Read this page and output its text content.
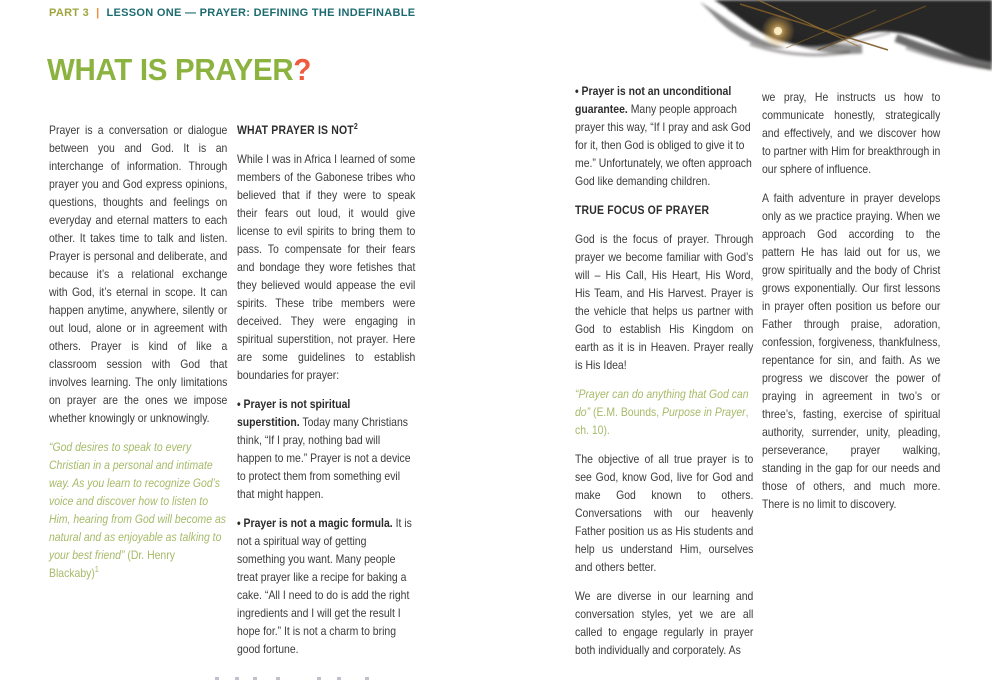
PART 3 | LESSON ONE — PRAYER: DEFINING THE INDEFINABLE
WHAT IS PRAYER?

Prayer is a conversation or dialogue between you and God. It is an interchange of information. Through prayer you and God express opinions, questions, thoughts and feelings on everyday and eternal matters to each other. It takes time to talk and listen. Prayer is personal and deliberate, and because it’s a relational exchange with God, it’s eternal in scope. It can happen anytime, anywhere, silently or out loud, alone or in agreement with others. Prayer is kind of like a classroom session with God that involves learning. The only limitations on prayer are the ones we impose whether knowingly or unknowingly.

“God desires to speak to every Christian in a personal and intimate way. As you learn to recognize God’s voice and discover how to listen to Him, hearing from God will become as natural and as enjoyable as talking to your best friend” (Dr. Henry Blackaby)$^1$

WHAT PRAYER IS NOT$^2$

While I was in Africa I learned of some members of the Gabonese tribes who believed that if they were to speak their fears out loud, it would give license to evil spirits to bring them to pass. To compensate for their fears and bondage they wore fetishes that they believed would appease the evil spirits. These tribe members were deceived. They were engaging in spiritual superstition, not prayer. Here are some guidelines to establish boundaries for prayer:

• Prayer is not spiritual superstition. Today many Christians think, “If I pray, nothing bad will happen to me.” Prayer is not a device to protect them from something evil that might happen.

• Prayer is not a magic formula. It is not a spiritual way of getting something you want. Many people treat prayer like a recipe for baking a cake. “All I need to do is add the right ingredients and I will get the result I hope for.” It is not a charm to bring good fortune.

• Prayer is not an unconditional guarantee. Many people approach prayer this way, “If I pray and ask God for it, then God is obliged to give it to me.” Unfortunately, we often approach God like demanding children.

TRUE FOCUS OF PRAYER

God is the focus of prayer. Through prayer we become familiar with God’s will – His Call, His Heart, His Word, His Team, and His Harvest. Prayer is the vehicle that helps us partner with God to establish His Kingdom on earth as it is in Heaven. Prayer really is His Idea!

“Prayer can do anything that God can do” (E.M. Bounds, Purpose in Prayer, ch. 10).

The objective of all true prayer is to see God, know God, live for God and make God known to others. Conversations with our heavenly Father position us as His students and help us understand Him, ourselves and others better.

We are diverse in our learning and conversation styles, yet we are all called to engage regularly in prayer both individually and corporately. As

we pray, He instructs us how to communicate honestly, strategically and effectively, and we discover how to partner with Him for breakthrough in our sphere of influence.

A faith adventure in prayer develops only as we practice praying. When we approach God according to the pattern He has laid out for us, we grow spiritually and the body of Christ grows exponentially. Our first lessons in prayer often position us before our Father through praise, adoration, confession, forgiveness, thankfulness, repentance for sin, and faith. As we progress we discover the power of praying in agreement in two’s or three’s, fasting, exercise of spiritual authority, surrender, unity, pleading, perseverance, prayer walking, standing in the gap for our needs and those of others, and much more. There is no limit to discovery.
